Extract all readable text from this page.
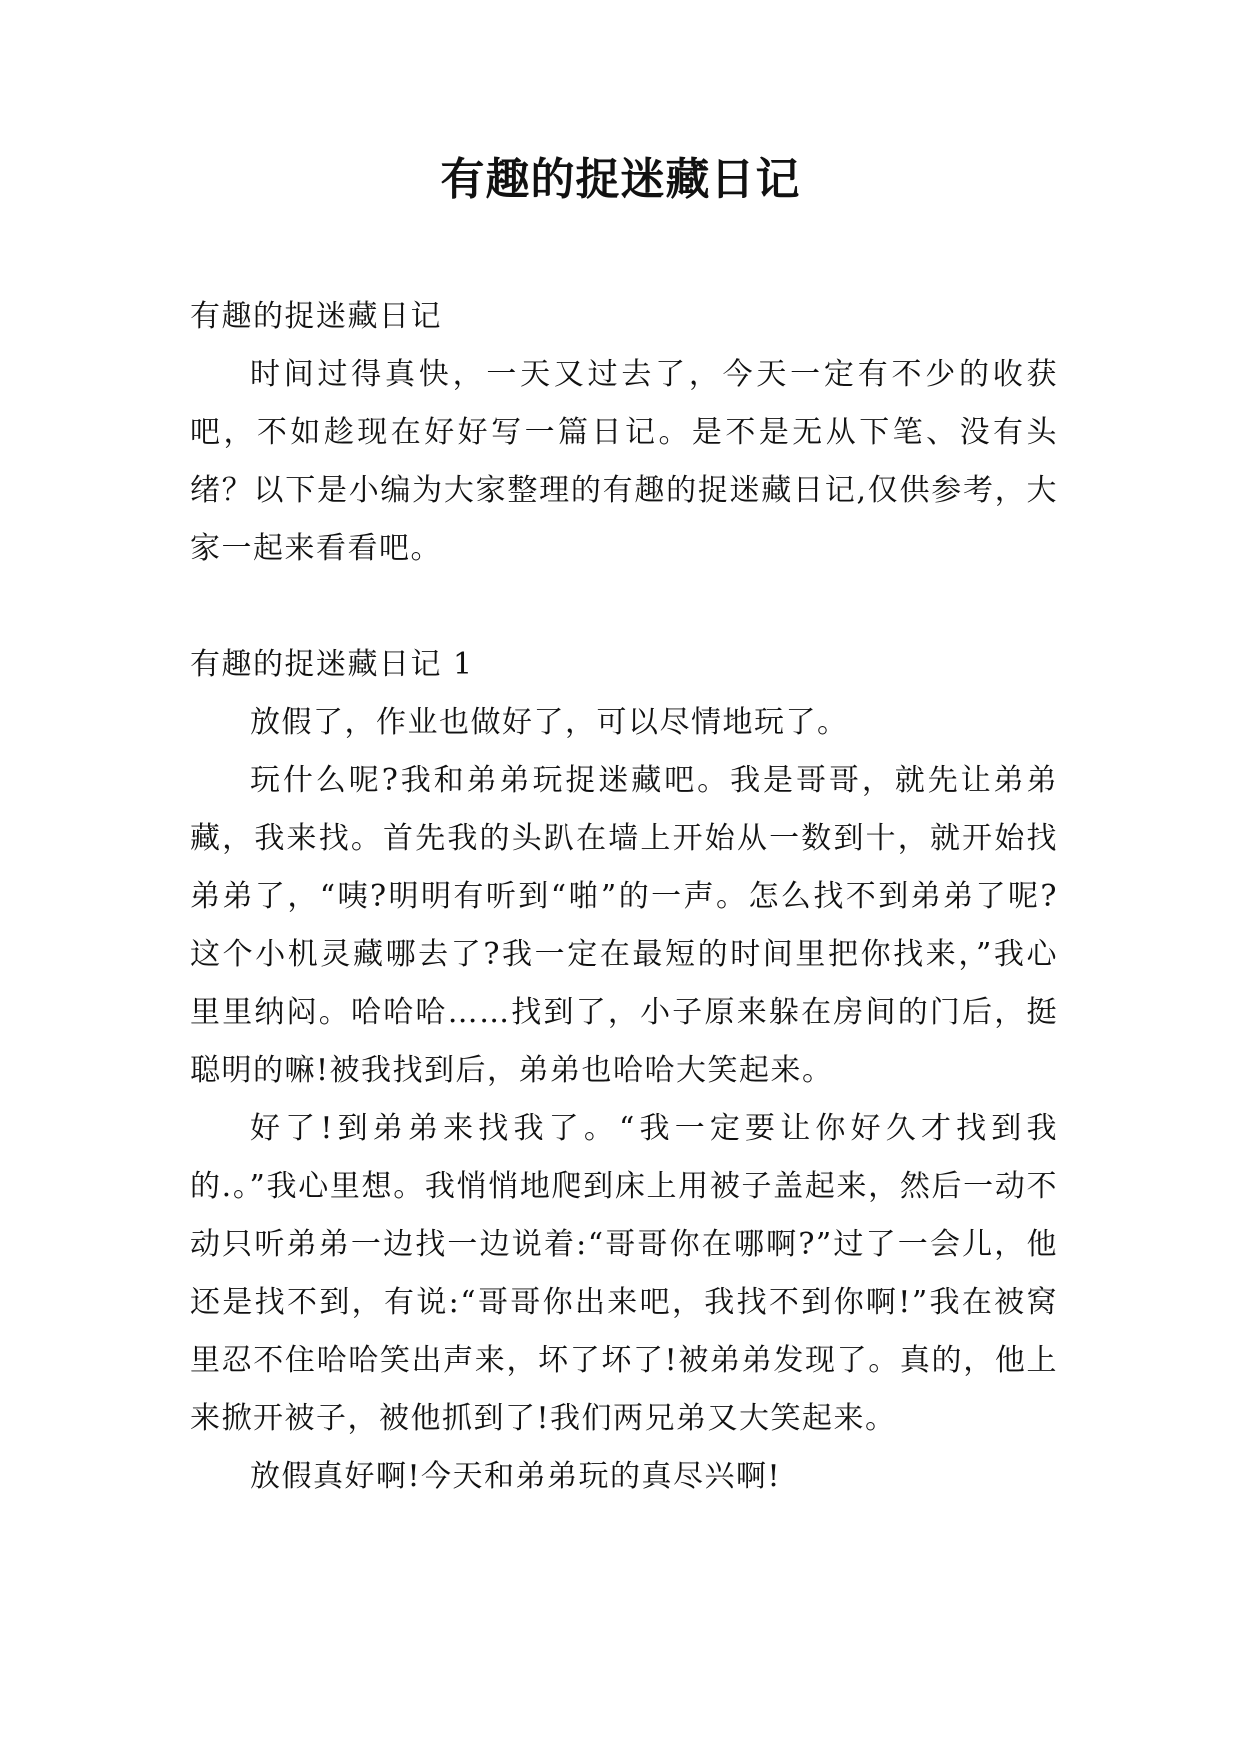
有趣的捉迷藏日记

有趣的捉迷藏日记

时间过得真快，一天又过去了，今天一定有不少的收获吧，不如趁现在好好写一篇日记。是不是无从下笔、没有头绪？以下是小编为大家整理的有趣的捉迷藏日记,仅供参考，大家一起来看看吧。

有趣的捉迷藏日记 1

放假了，作业也做好了，可以尽情地玩了。

玩什么呢?我和弟弟玩捉迷藏吧。我是哥哥，就先让弟弟藏，我来找。首先我的头趴在墙上开始从一数到十，就开始找弟弟了，“咦?明明有听到“啪”的一声。怎么找不到弟弟了呢?这个小机灵藏哪去了?我一定在最短的时间里把你找来，”我心里里纳闷。哈哈哈……找到了，小子原来躲在房间的门后，挺聪明的嘛!被我找到后，弟弟也哈哈大笑起来。

好了!到弟弟来找我了。“我一定要让你好久才找到我的.。”我心里想。我悄悄地爬到床上用被子盖起来，然后一动不动只听弟弟一边找一边说着:“哥哥你在哪啊?”过了一会儿，他还是找不到，有说:“哥哥你出来吧，我找不到你啊!”我在被窝里忍不住哈哈笑出声来，坏了坏了!被弟弟发现了。真的，他上来掀开被子，被他抓到了!我们两兄弟又大笑起来。

放假真好啊!今天和弟弟玩的真尽兴啊!
